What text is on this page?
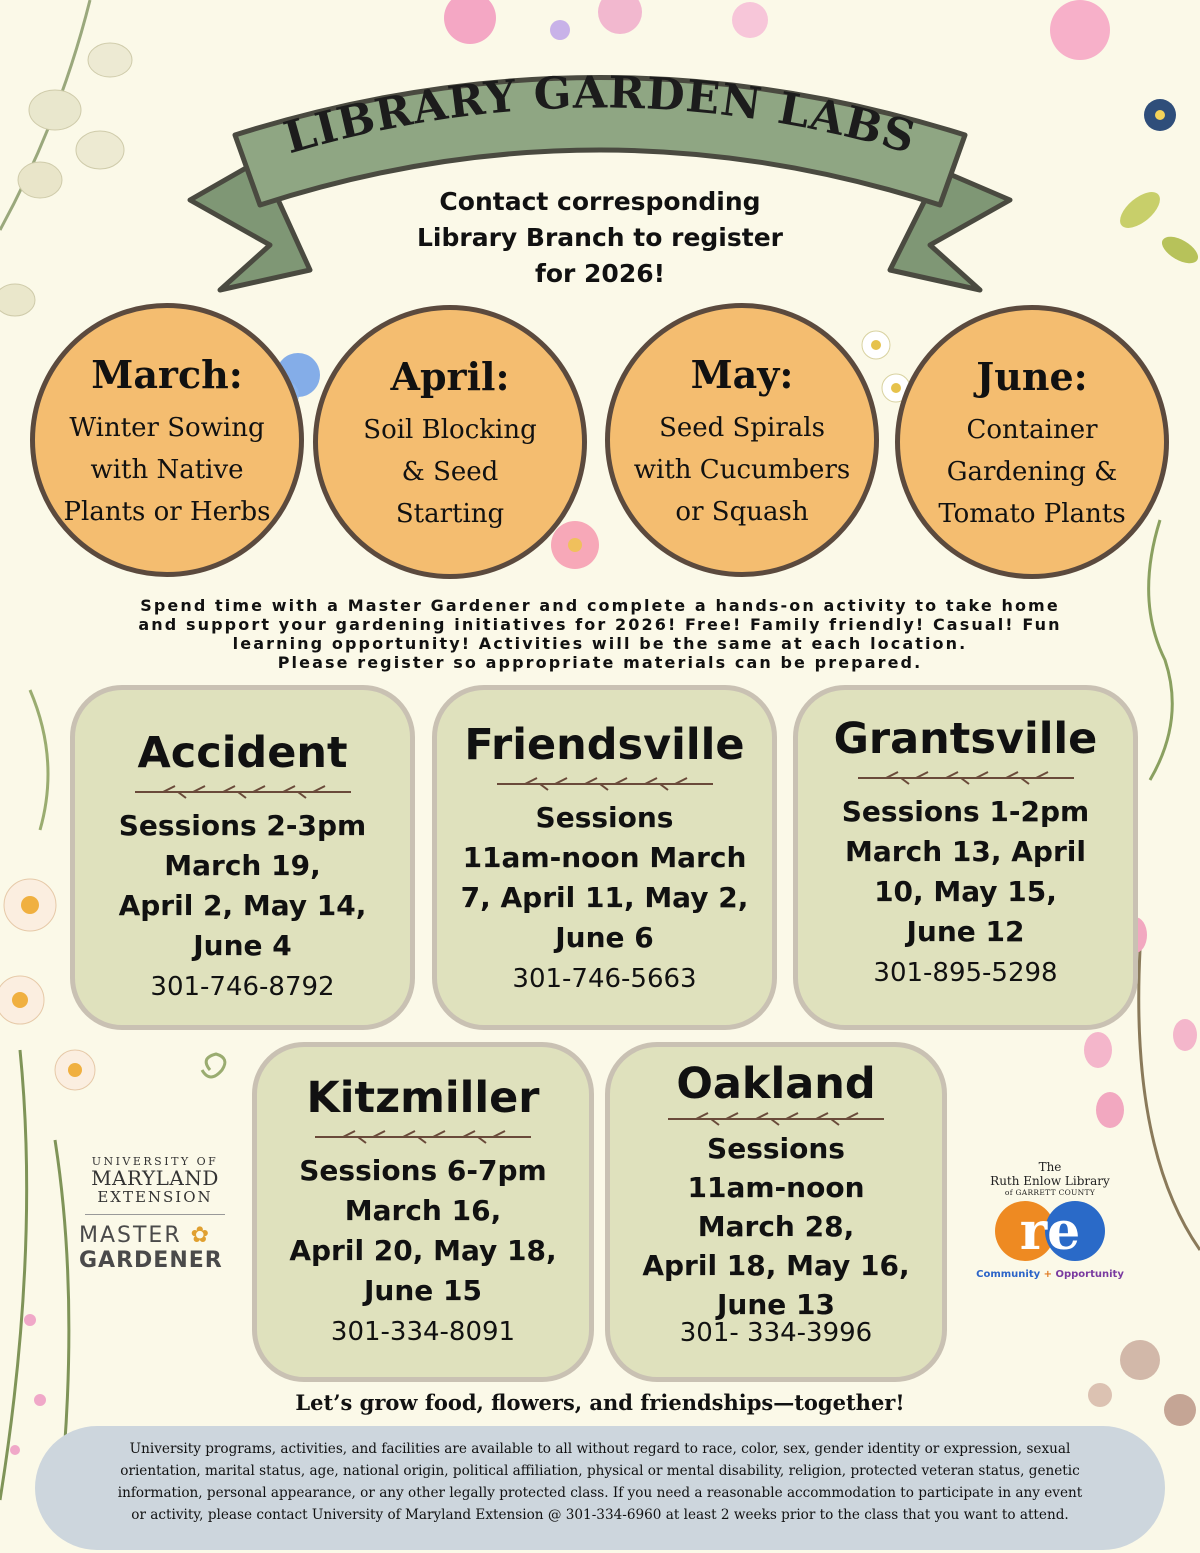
LIBRARY GARDEN LABS
Contact corresponding
Library Branch to register
for 2026!
March:
Winter Sowing
with Native
Plants or Herbs
April:
Soil Blocking
& Seed
Starting
May:
Seed Spirals
with Cucumbers
or Squash
June:
Container
Gardening &
Tomato Plants
Spend time with a Master Gardener and complete a hands-on activity to take home
and support your gardening initiatives for 2026! Free! Family friendly! Casual! Fun
learning opportunity! Activities will be the same at each location.
Please register so appropriate materials can be prepared.
Accident
Sessions 2-3pm
March 19,
April 2, May 14,
June 4
301-746-8792
Friendsville
Sessions
11am-noon March
7, April 11, May 2,
June 6
301-746-5663
Grantsville
Sessions 1-2pm
March 13, April
10, May 15,
June 12
301-895-5298
Kitzmiller
Sessions 6-7pm
March 16,
April 20, May 18,
June 15
301-334-8091
Oakland
Sessions
11am-noon
March 28,
April 18, May 16,
June 13
301- 334-3996
UNIVERSITY OF
MARYLAND
EXTENSION
MASTER ✿
GARDENER
The
Ruth Enlow Library
of GARRETT COUNTY
re
Community + Opportunity
Let’s grow food, flowers, and friendships—together!
University programs, activities, and facilities are available to all without regard to race, color, sex, gender identity or expression, sexual
orientation, marital status, age, national origin, political affiliation, physical or mental disability, religion, protected veteran status, genetic
information, personal appearance, or any other legally protected class. If you need a reasonable accommodation to participate in any event
or activity, please contact University of Maryland Extension @ 301-334-6960 at least 2 weeks prior to the class that you want to attend.
